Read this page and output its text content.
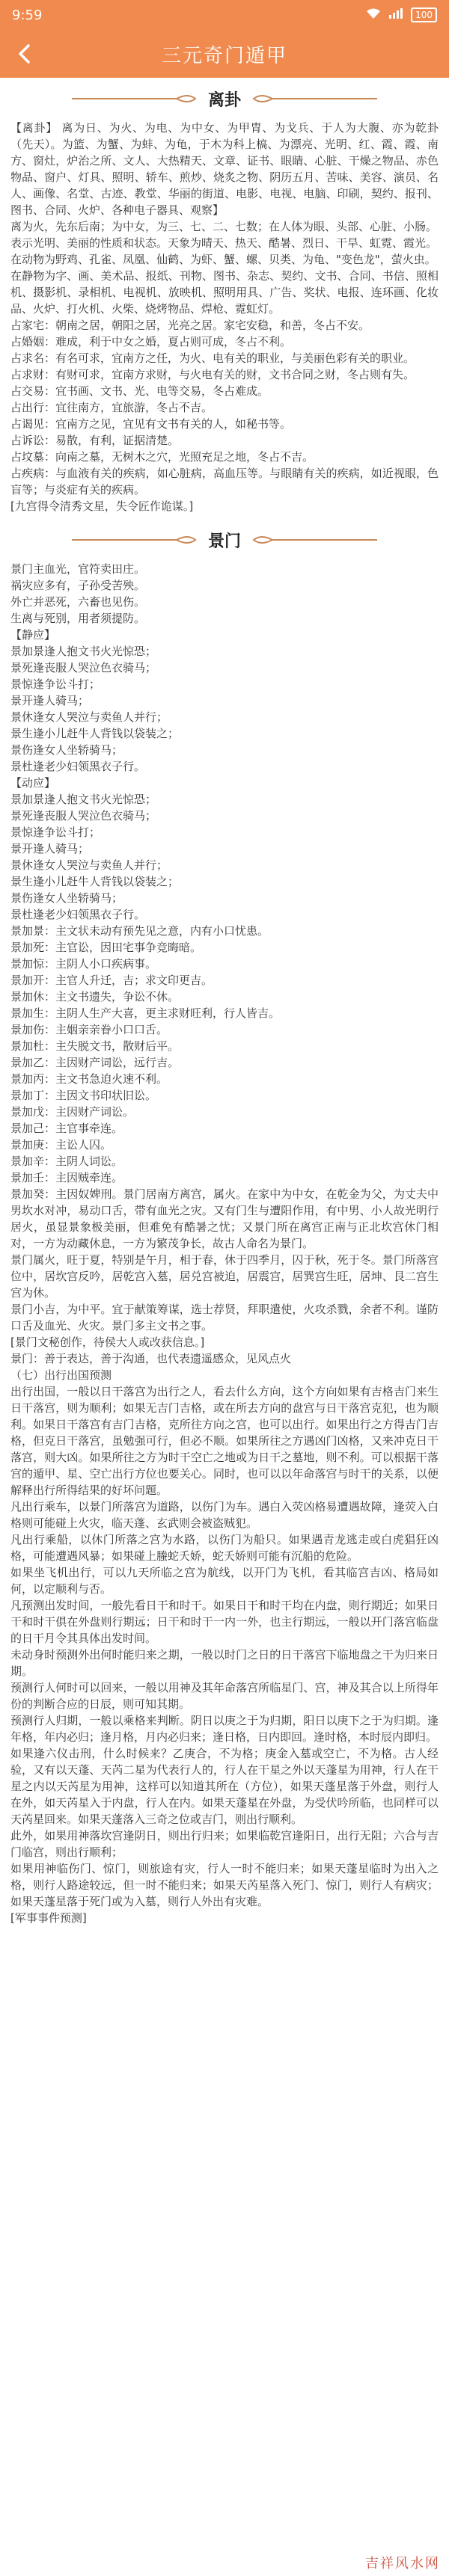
9:59	100
三元奇门遁甲
离卦

【离卦】 离为日、为火、为电、为中女、为甲胄、为戈兵、于人为大腹、亦为乾卦（先天）。为篮、为蟹、为蚌、为龟，于木为科上槁、为漂亮、光明、红、霞、霞、南方、窗灶，炉治之所、文人、大热精天、文章、证书、眼睛、心脏、干燥之物品、赤色物品、窗户、灯具、照明、轿车、煎炒、烧炙之物、阴历五月、苦味、美容、演员、名人、画像、名堂、古迹、教堂、华丽的街道、电影、电视、电脑、印刷，契约、报刊、图书、合同、火炉、各种电子器具、观察】

离为火，先东后南；为中女，为三、七、二、七数；在人体为眼、头部、心脏、小肠。

表示光明、美丽的性质和状态。天象为晴天、热天、酷暑、烈日、干旱、虹霓、霞光。

在动物为野鸡、孔雀、凤凰、仙鹤、为虾、蟹、螺、贝类、为龟、"变色龙"，萤火虫。

在静物为字、画、美术品、报纸、刊物、图书、杂志、契约、文书、合同、书信、照相机、摄影机、录相机、电视机、放映机、照明用具、广告、奖状、电报、连环画、化妆品、火炉、打火机、火柴、烧烤物品、焊枪、霓虹灯。

占家宅：朝南之居，朝阳之居，光亮之居。家宅安稳，和善，冬占不安。

占婚姻：难成，利于中女之婚，夏占则可成，冬占不利。

占求名：有名可求，宜南方之任，为火、电有关的职业，与美丽色彩有关的职业。

占求财：有财可求，宜南方求财，与火电有关的财，文书合同之财，冬占则有失。

占交易：宜书画、文书、光、电等交易，冬占难成。

占出行：宜往南方，宜旅游，冬占不吉。

占谒见：宜南方之见，宜见有文书有关的人，如秘书等。

占诉讼：易散，有利，证据清楚。

占坟墓：向南之墓，无树木之穴，光照充足之地，冬占不吉。

占疾病：与血液有关的疾病，如心脏病，高血压等。与眼睛有关的疾病，如近视眼，色盲等；与炎症有关的疾病。

[九宫得令清秀文星，失令匠作诡谋。]

景门

景门主血光，官符卖田庄。

祸灾应多有，子孙受苦殃。

外亡并恶死，六畜也见伤。

生离与死别，用者须提防。

【静应】

景加景逢人抱文书火光惊恐；

景死逢丧服人哭泣色衣骑马；

景惊逢争讼斗打；

景开逢人骑马；

景休逢女人哭泣与卖鱼人并行；

景生逢小儿赶牛人背钱以袋装之；

景伤逢女人坐轿骑马；

景杜逢老少妇领黑衣子行。

【动应】

景加景逢人抱文书火光惊恐；

景死逢丧服人哭泣色衣骑马；

景惊逢争讼斗打；

景开逢人骑马；

景休逢女人哭泣与卖鱼人并行；

景生逢小儿赶牛人背钱以袋装之；

景伤逢女人坐轿骑马；

景杜逢老少妇领黑衣子行。

景加景：主文状未动有预先见之意，内有小口忧患。

景加死：主官讼，因田宅事争竞晦暗。

景加惊：主阴人小口疾病事。

景加开：主官人升迁，吉；求文印更吉。

景加休：主文书遗失，争讼不休。

景加生：主阴人生产大喜，更主求财旺利，行人皆吉。

景加伤：主姻亲亲眷小口口舌。

景加杜：主失脱文书，散财后平。

景加乙：主因财产词讼，远行吉。

景加丙：主文书急迫火速不利。

景加丁：主因文书印状旧讼。

景加戊：主因财产词讼。

景加己：主官事牵连。

景加庚：主讼人囚。

景加辛：主阴人词讼。

景加壬：主因贼牵连。

景加癸：主因奴婢刑。景门居南方离宫，属火。在家中为中女，在乾金为父，为丈夫中男坎水对冲，易动口舌，带有血光之灾。又有门生与遭阳作用，有中男、小人故光明行居火，虽显景象极美丽，但难免有酷暑之忧；又景门所在离宫正南与正北坎宫休门相对，一方为动藏休息，一方为繁茂争长，故古人命名为景门。

景门属火，旺于夏，特别是午月，相于春，休于四季月，囚于秋，死于冬。景门所落宫位中，居坎宫反吟，居乾宫入墓，居兑宫被迫，居震宫，居巽宫生旺，居坤、艮二宫生宫为休。

景门小吉，为中平。宜于献策筹谋，选士荐贤，拜职遣使，火攻杀戮，余者不利。谨防口舌及血光、火灾。景门多主文书之事。

[景门文秘创作，待侯大人或改获信息。]

景门：善于表达，善于沟通，也代表遗遥感众，见风点火

（七）出行出国预测

出行出国，一般以日干落宫为出行之人，看去什么方向，这个方向如果有吉格吉门来生日干落宫，则为顺利；如果无吉门吉格，或在所去方向的盘宫与日干落宫克犯，也为顺利。如果日干落宫有吉门吉格，克所往方向之宫，也可以出行。如果出行之方得吉门吉格，但克日干落宫，虽勉强可行，但必不顺。如果所往之方遇凶门凶格，又来冲克日干落宫，则大凶。如果所往之方为时干空亡之地或为日干之墓地，则不利。可以根据干落宫的遁甲、星、空亡出行方位也要关心。同时，也可以以年命落宫与时干的关系，以便解释出行所得结果的好坏问题。

凡出行乘车，以景门所落宫为道路，以伤门为车。遇白入荧凶格易遭遇故障，逢荧入白格则可能碰上火灾，临天蓬、玄武则会被盗贼犯。

凡出行乘船，以休门所落之宫为水路，以伤门为船只。如果遇青龙逃走或白虎猖狂凶格，可能遭遇风暴；如果碰上螣蛇夭娇，蛇夭娇则可能有沉船的危险。

如果坐飞机出行，可以九天所临之宫为航线，以开门为飞机，看其临宫吉凶、格局如何，以定顺利与否。

凡预测出发时间，一般先看日干和时干。如果日干和时干均在内盘，则行期近；如果日干和时干俱在外盘则行期远；日干和时干一内一外，也主行期远，一般以开门落宫临盘的日干月令其具体出发时间。

未动身时预测外出何时能归来之期，一般以时门之日的日干落宫下临地盘之干为归来日期。

预测行人何时可以回来，一般以用神及其年命落宫所临星门、宫，神及其合以上所得年份的判断合应的日辰，则可知其期。

预测行人归期，一般以乘格来判断。阴日以庚之于为归期，阳日以庚下之于为归期。逢年格，年内必归；逢月格，月内必归来；逢日格，日内即回。逢时格，本时辰内即归。

如果逢六仪击刑，什么时候来？乙庚合，不为格；庚金入墓或空亡，不为格。古人经验，又有以天蓬、天芮二星为代表行人的，行人在干星之外以天蓬星为用神，行人在干星之内以天芮星为用神，这样可以知道其所在（方位），如果天蓬星落于外盘，则行人在外，如天芮星入于内盘，行人在内。如果天蓬星在外盘，为受伏吟所临，也同样可以天芮星回来。如果天蓬落入三奇之位或吉门，则出行顺利。

此外，如果用神落坎宫逢阴日，则出行归来；如果临乾宫逢阳日，出行无阻；六合与吉门临宫，则出行顺利；

如果用神临伤门、惊门，则旅途有灾，行人一时不能归来；如果天蓬星临时为出入之格，则行人路途较远，但一时不能归来；如果天芮星落入死门、惊门，则行人有病灾；如果天蓬星落于死门或为入墓，则行人外出有灾难。

[军事事件预测]

吉祥风水网
